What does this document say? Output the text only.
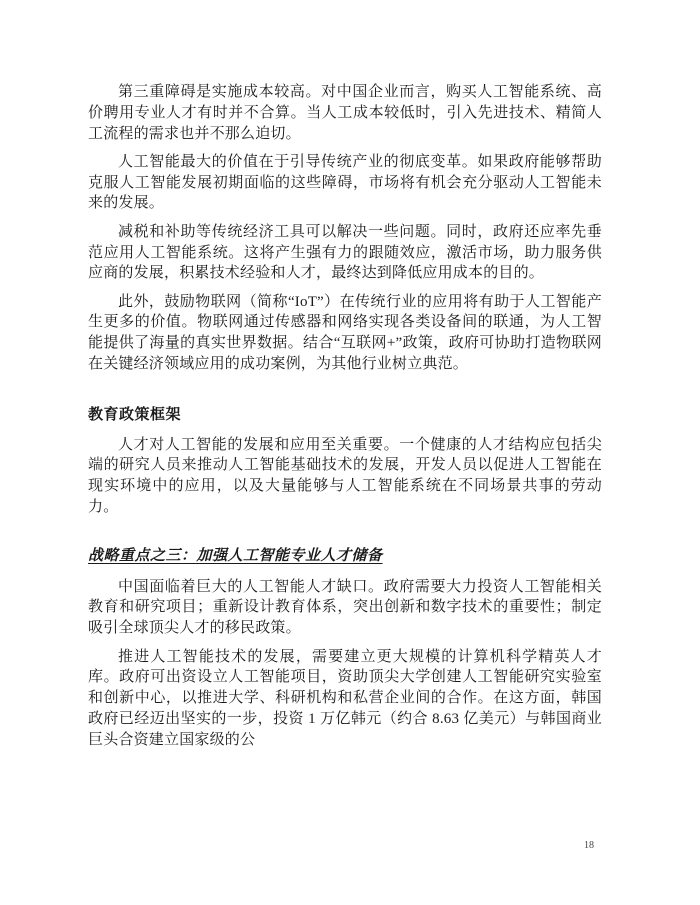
第三重障碍是实施成本较高。对中国企业而言，购买人工智能系统、高价聘用专业人才有时并不合算。当人工成本较低时，引入先进技术、精简人工流程的需求也并不那么迫切。

人工智能最大的价值在于引导传统产业的彻底变革。如果政府能够帮助克服人工智能发展初期面临的这些障碍，市场将有机会充分驱动人工智能未来的发展。

减税和补助等传统经济工具可以解决一些问题。同时，政府还应率先垂范应用人工智能系统。这将产生强有力的跟随效应，激活市场，助力服务供应商的发展，积累技术经验和人才，最终达到降低应用成本的目的。

此外，鼓励物联网（简称“IoT”）在传统行业的应用将有助于人工智能产生更多的价值。物联网通过传感器和网络实现各类设备间的联通，为人工智能提供了海量的真实世界数据。结合“互联网+”政策，政府可协助打造物联网在关键经济领域应用的成功案例，为其他行业树立典范。

教育政策框架

人才对人工智能的发展和应用至关重要。一个健康的人才结构应包括尖端的研究人员来推动人工智能基础技术的发展，开发人员以促进人工智能在现实环境中的应用，以及大量能够与人工智能系统在不同场景共事的劳动力。

战略重点之三：加强人工智能专业人才储备

中国面临着巨大的人工智能人才缺口。政府需要大力投资人工智能相关教育和研究项目；重新设计教育体系，突出创新和数字技术的重要性；制定吸引全球顶尖人才的移民政策。

推进人工智能技术的发展，需要建立更大规模的计算机科学精英人才库。政府可出资设立人工智能项目，资助顶尖大学创建人工智能研究实验室和创新中心，以推进大学、科研机构和私营企业间的合作。在这方面，韩国政府已经迈出坚实的一步，投资 1 万亿韩元（约合 8.63 亿美元）与韩国商业巨头合资建立国家级的公

18
